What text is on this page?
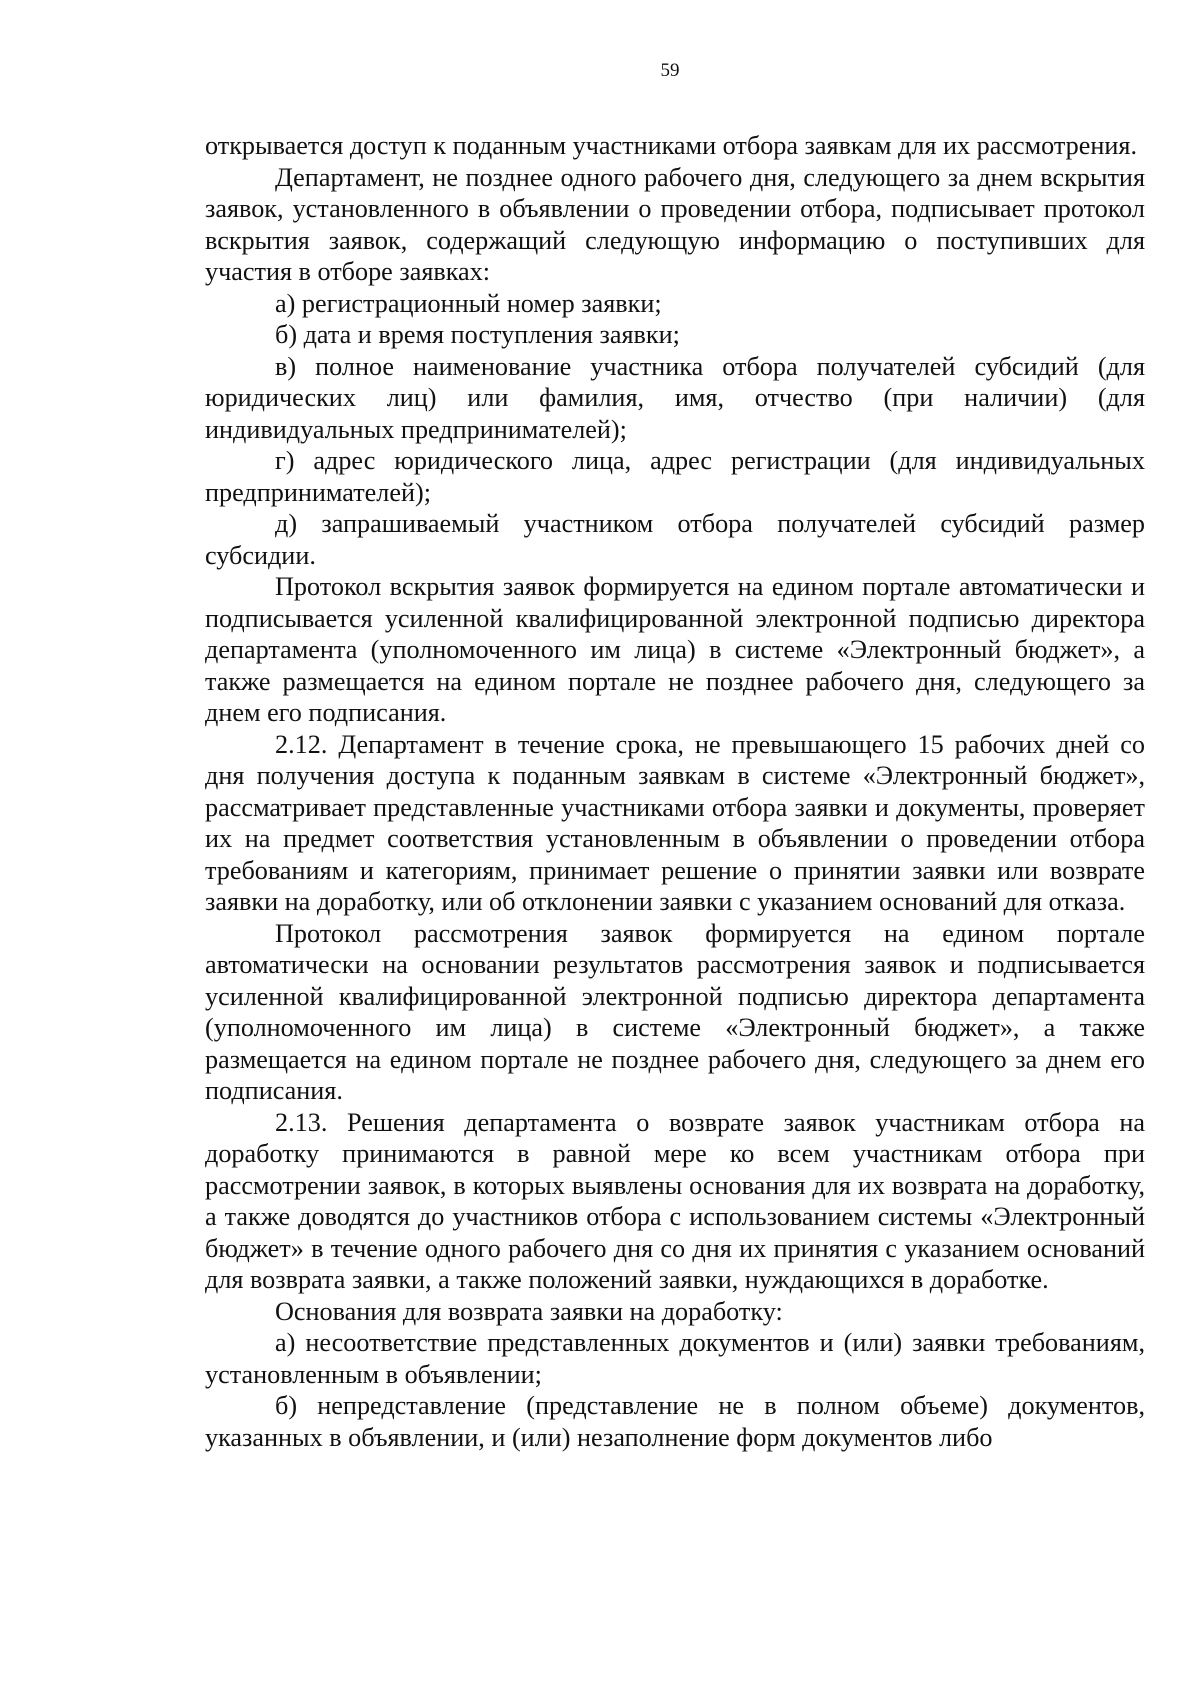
59

открывается доступ к поданным участниками отбора заявкам для их рассмотрения.

Департамент, не позднее одного рабочего дня, следующего за днем вскрытия заявок, установленного в объявлении о проведении отбора, подписывает протокол вскрытия заявок, содержащий следующую информацию о поступивших для участия в отборе заявках:

а) регистрационный номер заявки;

б) дата и время поступления заявки;

в) полное наименование участника отбора получателей субсидий (для юридических лиц) или фамилия, имя, отчество (при наличии) (для индивидуальных предпринимателей);

г) адрес юридического лица, адрес регистрации (для индивидуальных предпринимателей);

д) запрашиваемый участником отбора получателей субсидий размер субсидии.

Протокол вскрытия заявок формируется на едином портале автоматически и подписывается усиленной квалифицированной электронной подписью директора департамента (уполномоченного им лица) в системе «Электронный бюджет», а также размещается на едином портале не позднее рабочего дня, следующего за днем его подписания.

2.12. Департамент в течение срока, не превышающего 15 рабочих дней со дня получения доступа к поданным заявкам в системе «Электронный бюджет», рассматривает представленные участниками отбора заявки и документы, проверяет их на предмет соответствия установленным в объявлении о проведении отбора требованиям и категориям, принимает решение о принятии заявки или возврате заявки на доработку, или об отклонении заявки с указанием оснований для отказа.

Протокол рассмотрения заявок формируется на едином портале автоматически на основании результатов рассмотрения заявок и подписывается усиленной квалифицированной электронной подписью директора департамента (уполномоченного им лица) в системе «Электронный бюджет», а также размещается на едином портале не позднее рабочего дня, следующего за днем его подписания.

2.13. Решения департамента о возврате заявок участникам отбора на доработку принимаются в равной мере ко всем участникам отбора при рассмотрении заявок, в которых выявлены основания для их возврата на доработку, а также доводятся до участников отбора с использованием системы «Электронный бюджет» в течение одного рабочего дня со дня их принятия с указанием оснований для возврата заявки, а также положений заявки, нуждающихся в доработке.

Основания для возврата заявки на доработку:

а) несоответствие представленных документов и (или) заявки требованиям, установленным в объявлении;

б) непредставление (представление не в полном объеме) документов, указанных в объявлении, и (или) незаполнение форм документов либо
